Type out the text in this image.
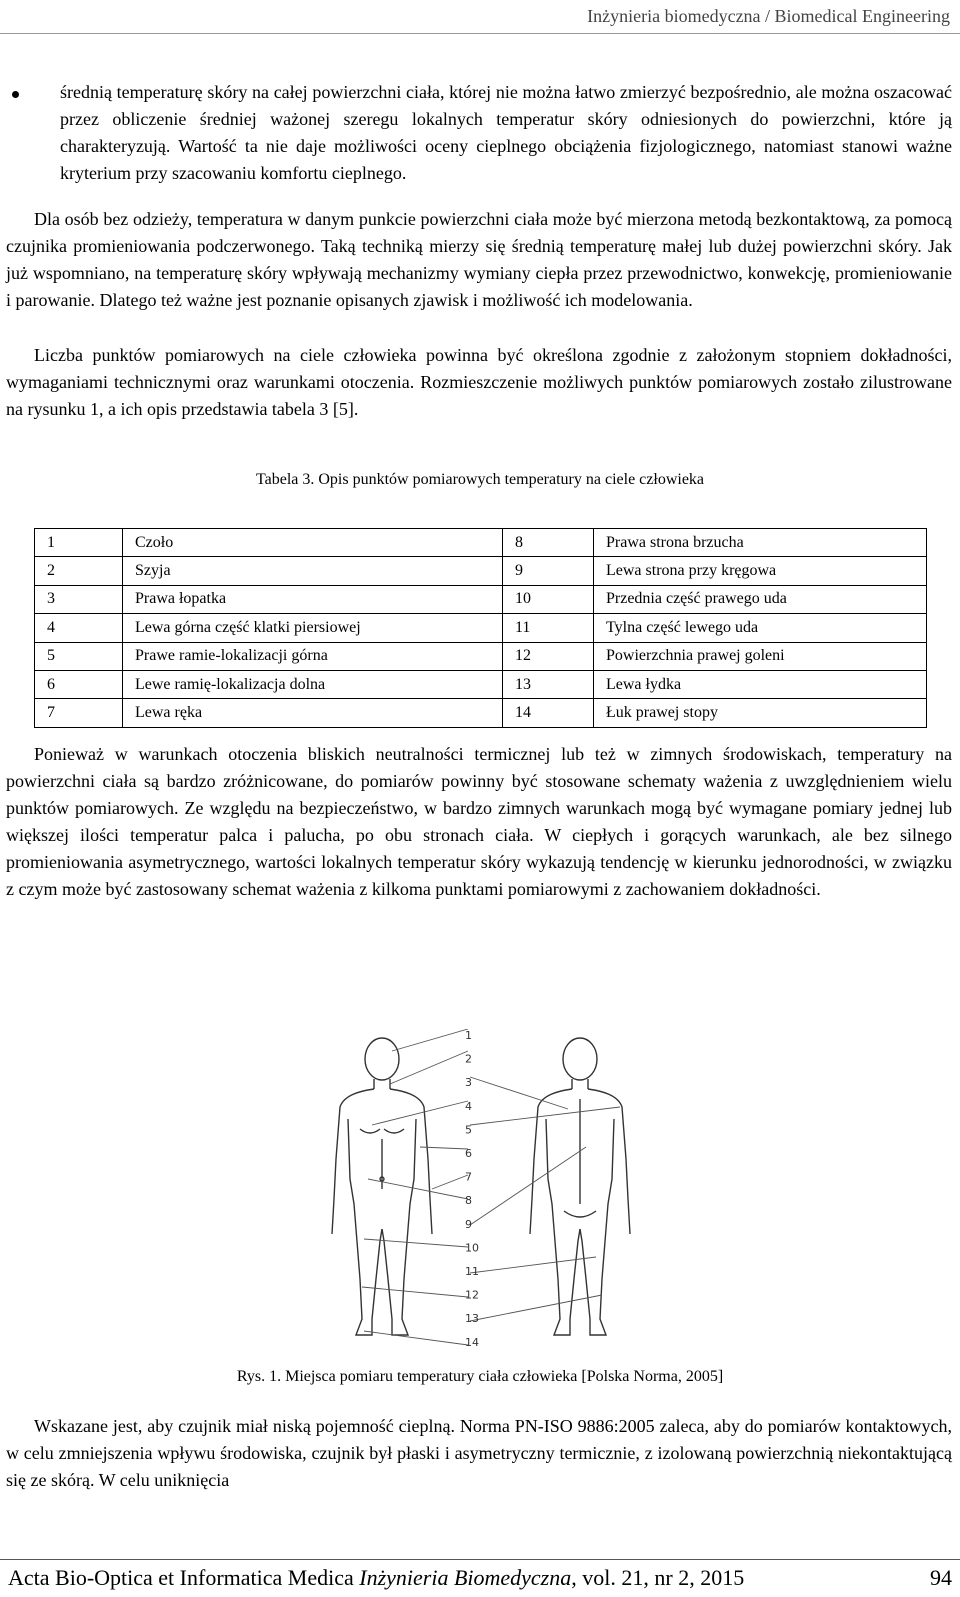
Inżynieria biomedyczna / Biomedical Engineering

średnią temperaturę skóry na całej powierzchni ciała, której nie można łatwo zmierzyć bezpośrednio, ale można oszacować przez obliczenie średniej ważonej szeregu lokalnych temperatur skóry odniesionych do powierzchni, które ją charakteryzują. Wartość ta nie daje możliwości oceny cieplnego obciążenia fizjologicznego, natomiast stanowi ważne kryterium przy szacowaniu komfortu cieplnego.

Dla osób bez odzieży, temperatura w danym punkcie powierzchni ciała może być mierzona metodą bezkontaktową, za pomocą czujnika promieniowania podczerwonego. Taką techniką mierzy się średnią temperaturę małej lub dużej powierzchni skóry. Jak już wspomniano, na temperaturę skóry wpływają mechanizmy wymiany ciepła przez przewodnictwo, konwekcję, promieniowanie i parowanie. Dlatego też ważne jest poznanie opisanych zjawisk i możliwość ich modelowania.

Liczba punktów pomiarowych na ciele człowieka powinna być określona zgodnie z założonym stopniem dokładności, wymaganiami technicznymi oraz warunkami otoczenia. Rozmieszczenie możliwych punktów pomiarowych zostało zilustrowane na rysunku 1, a ich opis przedstawia tabela 3 [5].

Tabela 3. Opis punktów pomiarowych temperatury na ciele człowieka
1	Czoło	8	Prawa strona brzucha
2	Szyja	9	Lewa strona przy kręgowa
3	Prawa łopatka	10	Przednia część prawego uda
4	Lewa górna część klatki piersiowej	11	Tylna część lewego uda
5	Prawe ramie-lokalizacji górna	12	Powierzchnia prawej goleni
6	Lewe ramię-lokalizacja dolna	13	Lewa łydka
7	Lewa ręka	14	Łuk prawej stopy

Ponieważ w warunkach otoczenia bliskich neutralności termicznej lub też w zimnych środowiskach, temperatury na powierzchni ciała są bardzo zróżnicowane, do pomiarów powinny być stosowane schematy ważenia z uwzględnieniem wielu punktów pomiarowych. Ze względu na bezpieczeństwo, w bardzo zimnych warunkach mogą być wymagane pomiary jednej lub większej ilości temperatur palca i palucha, po obu stronach ciała. W ciepłych i gorących warunkach, ale bez silnego promieniowania asymetrycznego, wartości lokalnych temperatur skóry wykazują tendencję w kierunku jednorodności, w związku z czym może być zastosowany schemat ważenia z kilkoma punktami pomiarowymi z zachowaniem dokładności.

1
2
3
4
5
6
7
8
9
10
11
12
13
14
Rys. 1. Miejsca pomiaru temperatury ciała człowieka [Polska Norma, 2005]

Wskazane jest, aby czujnik miał niską pojemność cieplną. Norma PN-ISO 9886:2005 zaleca, aby do pomiarów kontaktowych, w celu zmniejszenia wpływu środowiska, czujnik był płaski i asymetryczny termicznie, z izolowaną powierzchnią niekontaktującą się ze skórą. W celu uniknięcia

Acta Bio-Optica et Informatica Medica Inżynieria Biomedyczna, vol. 21, nr 2, 2015	94
